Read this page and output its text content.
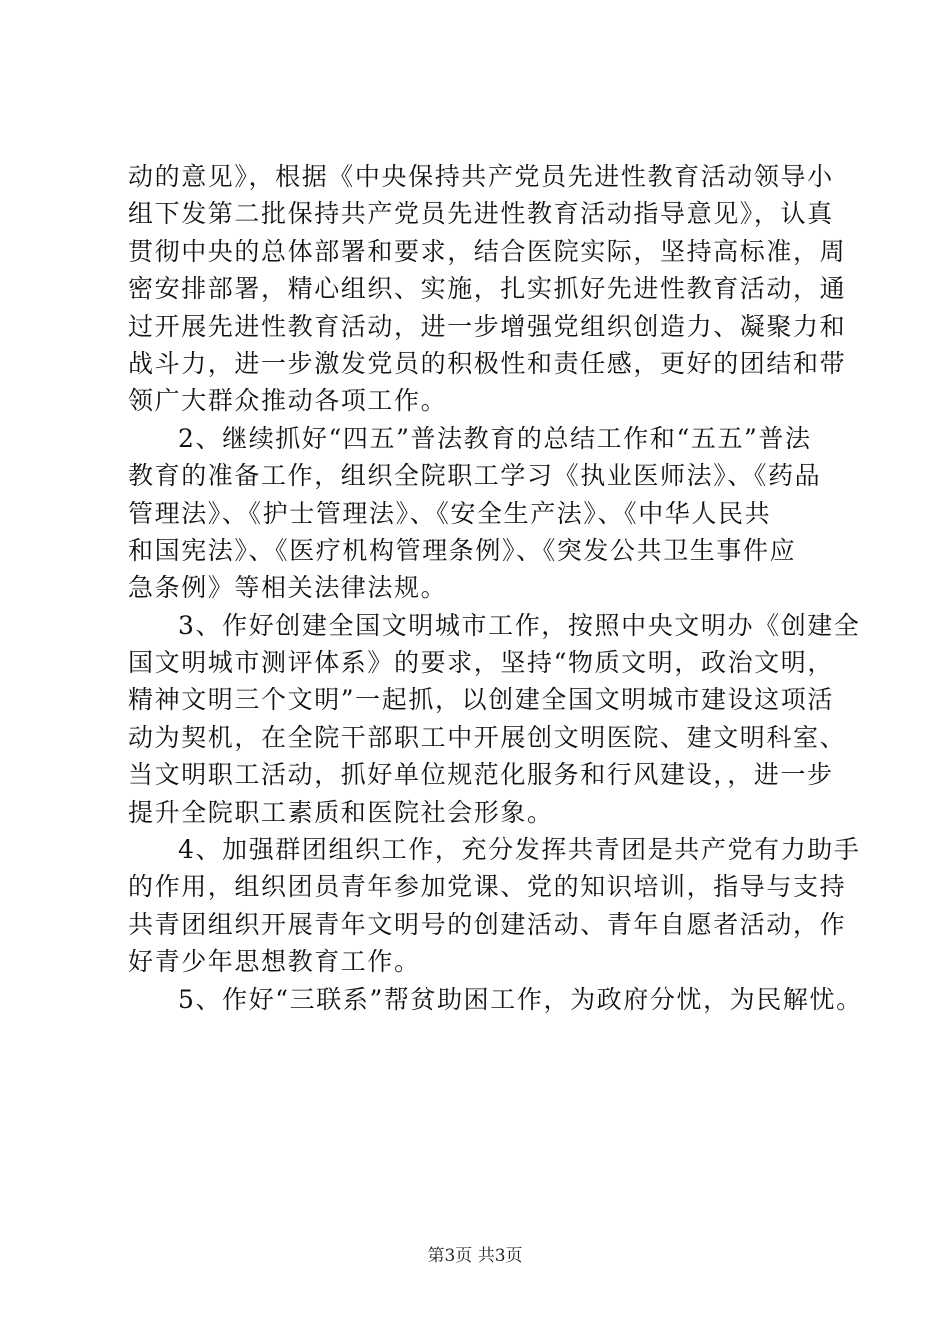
动的意见》，根据《中央保持共产党员先进性教育活动领导小
组下发第二批保持共产党员先进性教育活动指导意见》，认真
贯彻中央的总体部署和要求，结合医院实际，坚持高标准，周
密安排部署，精心组织、实施，扎实抓好先进性教育活动，通
过开展先进性教育活动，进一步增强党组织创造力、凝聚力和
战斗力，进一步激发党员的积极性和责任感，更好的团结和带
领广大群众推动各项工作。
2、继续抓好“四五”普法教育的总结工作和“五五”普法
教育的准备工作，组织全院职工学习《执业医师法》、《药品
管理法》、《护士管理法》、《安全生产法》、《中华人民共
和国宪法》、《医疗机构管理条例》、《突发公共卫生事件应
急条例》等相关法律法规。
3、作好创建全国文明城市工作，按照中央文明办《创建全
国文明城市测评体系》的要求，坚持“物质文明，政治文明，
精神文明三个文明”一起抓，以创建全国文明城市建设这项活
动为契机，在全院干部职工中开展创文明医院、建文明科室、
当文明职工活动，抓好单位规范化服务和行风建设，，进一步
提升全院职工素质和医院社会形象。
4、加强群团组织工作，充分发挥共青团是共产党有力助手
的作用，组织团员青年参加党课、党的知识培训，指导与支持
共青团组织开展青年文明号的创建活动、青年自愿者活动，作
好青少年思想教育工作。
5、作好“三联系”帮贫助困工作，为政府分忧，为民解忧。
第3页 共3页
